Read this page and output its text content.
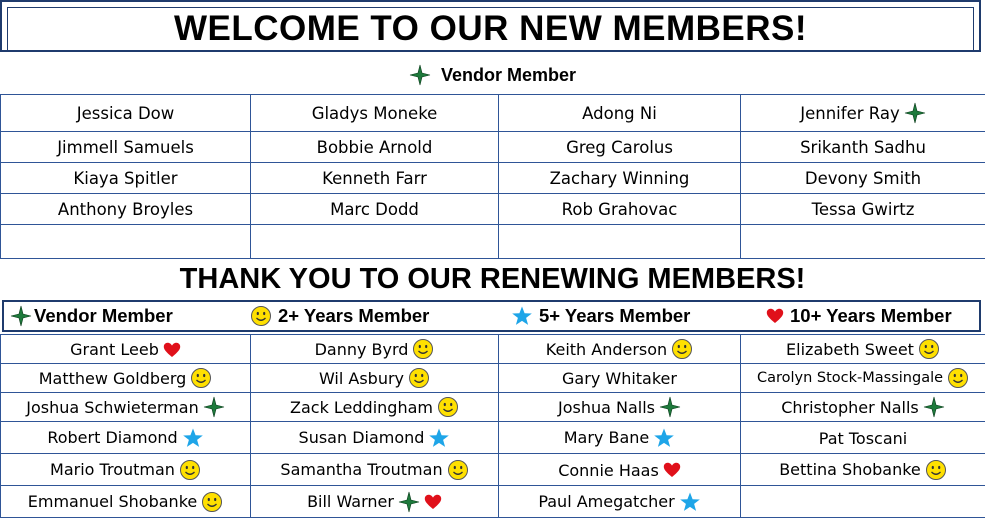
WELCOME TO OUR NEW MEMBERS!
Vendor Member
Jessica Dow	Gladys Moneke	Adong Ni	Jennifer Ray

Jimmell Samuels	Bobbie Arnold	Greg Carolus	Srikanth Sadhu
Kiaya Spitler	Kenneth Farr	Zachary Winning	Devony Smith
Anthony Broyles	Marc Dodd	Rob Grahovac	Tessa Gwirtz

THANK YOU TO OUR RENEWING MEMBERS!
Vendor Member	2+ Years Member	5+ Years Member	10+ Years Member
Grant Leeb	Danny Byrd	Keith Anderson	Elizabeth Sweet

Matthew Goldberg	Wil Asbury	Gary Whitaker	Carolyn Stock-Massingale

Joshua Schwieterman	Zack Leddingham	Joshua Nalls	Christopher Nalls

Robert Diamond	Susan Diamond	Mary Bane	Pat Toscani
Mario Troutman	Samantha Troutman	Connie Haas	Bettina Shobanke

Emmanuel Shobanke	Bill Warner	Paul Amegatcher
